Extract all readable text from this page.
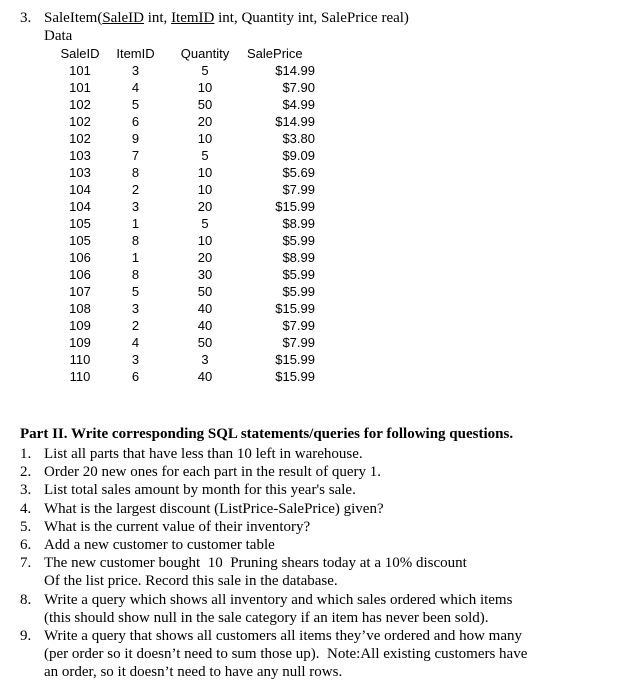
3. SaleItem(SaleID int, ItemID int, Quantity int, SalePrice real)
Data
SaleID	ItemID	Quantity	SalePrice
101	3	5	$14.99
101	4	10	$7.90
102	5	50	$4.99
102	6	20	$14.99
102	9	10	$3.80
103	7	5	$9.09
103	8	10	$5.69
104	2	10	$7.99
104	3	20	$15.99
105	1	5	$8.99
105	8	10	$5.99
106	1	20	$8.99
106	8	30	$5.99
107	5	50	$5.99
108	3	40	$15.99
109	2	40	$7.99
109	4	50	$7.99
110	3	3	$15.99
110	6	40	$15.99
Part II. Write corresponding SQL statements/queries for following questions.
1. List all parts that have less than 10 left in warehouse.
2. Order 20 new ones for each part in the result of query 1.
3. List total sales amount by month for this year's sale.
4. What is the largest discount (ListPrice-SalePrice) given?
5. What is the current value of their inventory?
6. Add a new customer to customer table
7. The new customer bought  10  Pruning shears today at a 10% discount
Of the list price. Record this sale in the database.
8. Write a query which shows all inventory and which sales ordered which items
(this should show null in the sale category if an item has never been sold).
9. Write a query that shows all customers all items they’ve ordered and how many
(per order so it doesn’t need to sum those up).  Note:All existing customers have
an order, so it doesn’t need to have any null rows.
